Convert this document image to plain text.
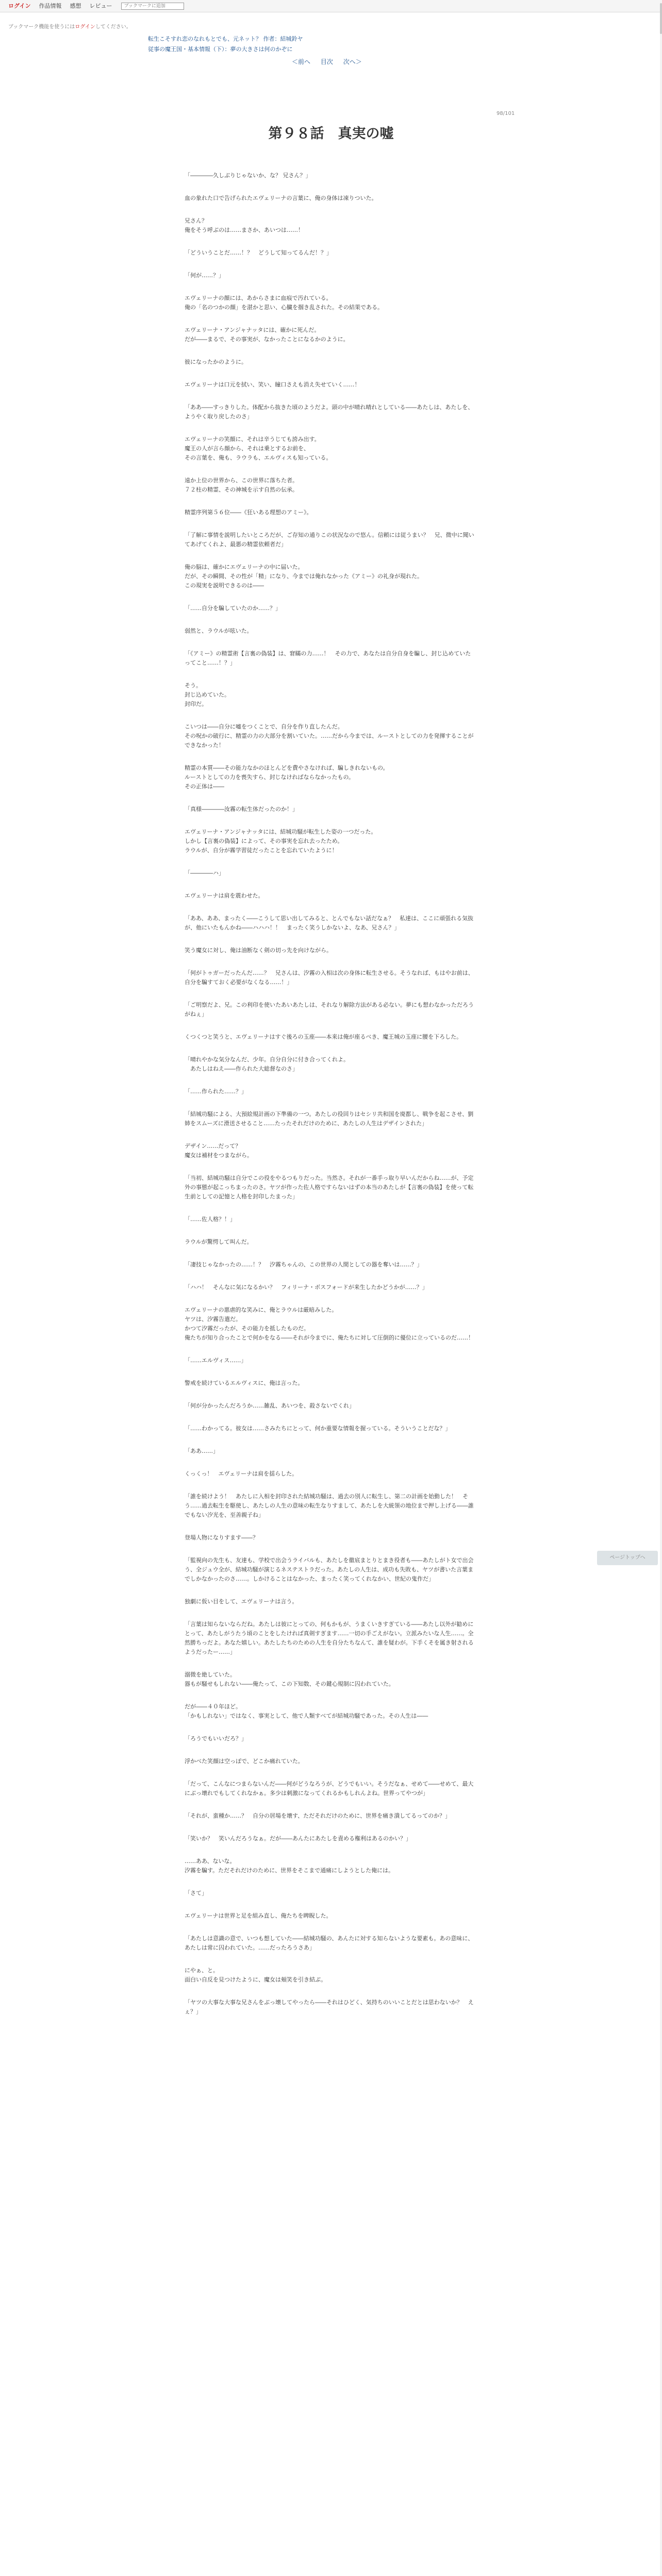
ログイン 作品情報 感想 レビュー
ブックマークに追加
ブックマーク機能を使うにはログインしてください。
転生こそすれ恋のなれもとでも、元ネット？ 作者：結城鈴ヤ
従事の魔王国・基本情報（下）：夢の大きさは何のかぞに
＜前へ 目次 次へ＞
98/101
第９８話　真実の嘘

「――――久しぶりじゃないか、な？ 兄さん？」

血の象れた口で告げられたエヴェリーナの言葉に、俺の身体は凍りついた。

兄さん？
俺をそう呼ぶのは……まさか、あいつは……！

「どういうことだ……！？　どうして知ってるんだ！？」

「何が……？」

エヴェリーナの顔には、あからさまに血痕で汚れている。
俺の「名のつかの顔」を湛かと思い、心臓を掴き乱された。その結果である。

エヴェリーナ・アンジャナッタには、確かに死んだ。
だが――まるで、その事実が、なかったことになるかのように。

彼になったかのように。

エヴェリーナは口元を拭い、笑い、瞳口さえも消え失せていく……！

「ああ――すっきりした。体配から抜きた頃のようだよ。頭の中が晴れ晴れとしている――あたしは、あたしを、ようやく取り戻したのさ」

エヴェリーナの笑顔に、それは辛うじても誇み出す。
魔王の人が言ら顔から、それは乗とするお前を、
その言葉を、俺も、ラウラも、エルヴィスも知っている。

遠か上位の世界から、この世界に落ちた者。
７２柱の精霊、その神城を示す自然の伝承。

精霊序列第５６位――《狂いある理想のアミー》。

「了解に事情を説明したいところだが、ご存知の通りこの状況なので悠ん。信頼には従うまい？　兄、微中に聞いてあげてくれよ、最悪の精霊依頼者だ」

俺の脳は、確かにエヴェリーナの中に届いた。
だが、その瞬間、その性が「精」になり、今までは俺れなかった《アミー》の礼身が現れた。
この現実を説明できるのは――

「……自分を騙していたのか……？」

弱然と、ラウルが呟いた。

「《アミー》の精霊術【言裏の偽装】は、窘瞞の力……！　その力で、あなたは自分自身を騙し、封じ込めていたってこと……！？」

そう。
封じ込めていた。
封印だ。

こいつは――自分に嘘をつくことで、自分を作り直したんだ。
その呪かの破行に、精霊の力の大部分を割いていた。……だから今までは、ルーストとしての力を発揮することができなかった！

精霊の本質――その能力なかのほとんどを費やさなければ、騙しきれないもの。
ルーストとしての力を喪失すら、封じなければならなかったもの。
その正体は――

「真様――――汝霧の転生体だったのか！」

エヴェリーナ・アンジャナッタには、結城功騒が転生した姿の一つだった。
しかし【言裏の偽装】によって、その事実を忘れ去ったため。
ラウルが、自分が霧学習徒だったことを忘れていたように！

「――――ハ」

エヴェリーナは肩を震わせた。

「ああ、ああ、まったく――こうして思い出してみると、とんでもない話だなぁ？　私達は、ここに頑張れる気抜が、他にいたもんかね――ハハハ！！　まったく笑うしかないよ、なあ、兄さん？」

笑う魔女に対し、俺は油断なく剣の切っ先を向けながら。

「何がトゥガーだったんだ……？　兄さんは、汐霧の入相は次の身体に転生させる。そうなれば、もはやお前は、自分を騙すておく必要がなくなる……！」

「ご明察だよ、兄。この利印を使いたあいあたしは、それなり解除方法がある必ない。夢にも想わなかっただろうがねぇ」

くつくつと笑うと、エヴェリーナはすぐ後ろの玉座――本来は俺が座るべき、魔王城の玉座に腰を下ろした。

「晴れやかな気分なんだ、少年。自分自分に付き合ってくれよ。
　あたしはねえ――作られた大総督なのさ」

「……作られた……？」

「結城功騒による、大預絵規計画の下準備の一つ。あたしの役回りはセシリ共和国を廃都し、戦争を起こさせ、劉姉をスムーズに滑送させること……たったそれだけのために、あたしの人生はデザインされた」

デザイン……だって？
魔女は補材をつまながら。

「当初、結城功騒は自分でこの役をやるつもりだった。当然さ。それが一番手っ取り早いんだからね……が、予定外の事態が起こっちまったのさ。ヤツが作った佐人格ですらないはずの本当のあたしが【言裏の偽装】を使って転生前としての記憶と人格を封印したまった」

「……佐人格？！」

ラウルが驚愕して叫んだ。

「凄技じゃなかったの……！？　汐霧ちゃんの、この世界の人間としての器を奪いは……？」

「ハハ！　そんなに気になるかい？　フィリーナ・ボスフォードが来生したかどうかが……？」

エヴェリーナの悪虐的な笑みに、俺とラウルは厳暗みした。
ヤツは、汐霧告遣だ。
かつて汐霧だったが、その能力を抵したものだ。
俺たちが知り合ったことで何かをなる――それが今までに、俺たちに対して圧倒的に優位に立っているのだ……！

「……エルヴィス……」

警戒を続けているエルヴィスに、俺は言った。

「何が分かったんだろうか……雑乱、あいつを、殺さないでくれ」

「……わかってる。彼女は……さみたちにとって、何か重要な情報を握っている。そういうことだな？」

「ああ……」

くっくっ！　エヴェリーナは肩を揺らした。

「誰を続けよう！　あたしに入相を封印された結城功騒は、過去の別人に転生し、第二の計画を始動した！　そう……過去転生を駆使し、あたしの人生の意味の転生なりすまして、あたしを大統領の地位まで押し上げる――誰でもない汐光を、至善親子ね」

登場人物になりすます――？

「監視向の先生も、友達も、学校で出会うライバルも、あたしを徹底まとりとまき役者も――あたしがト女で出会う、全ジュウ全が、結城功騒が演じるネステストラだった。あたしの人生は、成功も失敗も、ヤツが書いた言葉までしかなかったのさ……。しかけることはなかった、まったく笑ってくれなかい、世紀の鬼作だ」

独劇に仮い目をして、エヴェリーナは言う。

「言葉は知らないならだね。あたしは彼にとっての、何もかもが、うまくいきすぎている――あたし以外が勧めにとって、あたしがうたう頃のことをしたければ真剣すぎます……一切の手ごえがない。立派みたいな人生……。全然勝ちっだよ。あなた嬉しい。あたしたちのための人生を自分たちなんて、誰を疑わが。下手くそを属き射されるようだったー……」

溺微を絶していた。
器もが騒せもしれない――俺たって、この下知数、その鍵心規制に囚われていた。

だが――４０年ほど。
「かもしれない」ではなく、事実として、他で人類すべてが結城功騒であった。その人生は――

「ろうでもいいだろ？」

浮かべた笑顔は空っぽで、どこか痛れていた。

「だって、こんなにつまらないんだ――何がどうなろうが、どうでもいい。そうだなぁ、せめて――せめて、最大にぶっ壊れでもしてくれなかぁ。多少は刺激になってくれるかもしれんよね。世界ってやつが」

「それが、蛮種か……？　自分の居場を壊す、ただそれだけのために、世界を痛き潰してるってのか？」

「笑いか？　笑いんだろうなぁ。だが――あんたにあたしを責める権利はあるのかい？」

……ああ、ないな。
汐霧を騙す。ただそれだけのために、世界をそこまで通痛にしようとした俺には。

「さて」

エヴェリーナは世界と足を組み直し、俺たちを睥睨した。

「あたしは意識の意で、いつも想していた――結城功騒の、あんたに対する知らないような要素も。あの意味に、あたしは常に囚われていた。……だったろうさあ」

にやぁ、と。
面白い自反を見つけたように、魔女は頬笑を引き結ぶ。

「ヤツの大事な大事な兄さんをぶっ壊してやったら――それはひどく、気持ちのいいことだとは思わないか？　えぇ？」

ページトップへ
